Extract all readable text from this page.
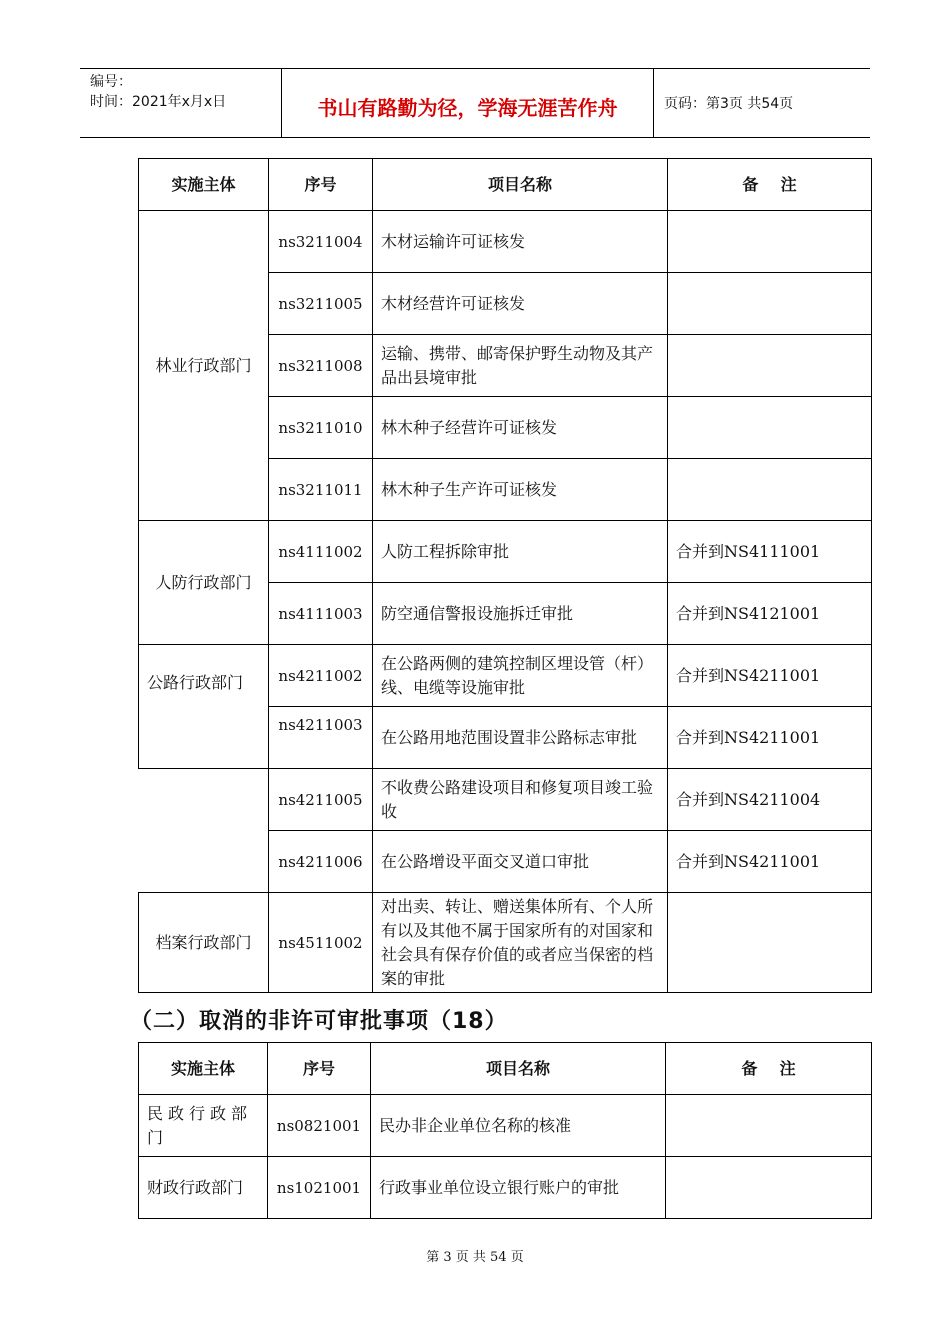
编号：
时间：2021年x月x日	书山有路勤为径，学海无涯苦作舟	页码：第3页 共54页
实施主体	序号	项目名称	备    注

林业行政部门	ns3211004	木材运输许可证核发	
	ns3211005	木材经营许可证核发	
	ns3211008	运输、携带、邮寄保护野生动物及其产品出县境审批	
	ns3211010	林木种子经营许可证核发	
	ns3211011	林木种子生产许可证核发	

人防行政部门	ns4111002	人防工程拆除审批	合并到NS4111001
	ns4111003	防空通信警报设施拆迁审批	合并到NS4121001

公路行政部门	ns4211002	在公路两侧的建筑控制区埋设管（杆）线、电缆等设施审批	合并到NS4211001
	ns4211003	在公路用地范围设置非公路标志审批	合并到NS4211001
	ns4211005	不收费公路建设项目和修复项目竣工验收	合并到NS4211004
	ns4211006	在公路增设平面交叉道口审批	合并到NS4211001

档案行政部门	ns4511002	对出卖、转让、赠送集体所有、个人所有以及其他不属于国家所有的对国家和社会具有保存价值的或者应当保密的档案的审批	
（二）取消的非许可审批事项（18）
实施主体	序号	项目名称	备    注

民政行政部门	ns0821001	民办非企业单位名称的核准	

财政行政部门	ns1021001	行政事业单位设立银行账户的审批	
第 3 页 共 54 页
